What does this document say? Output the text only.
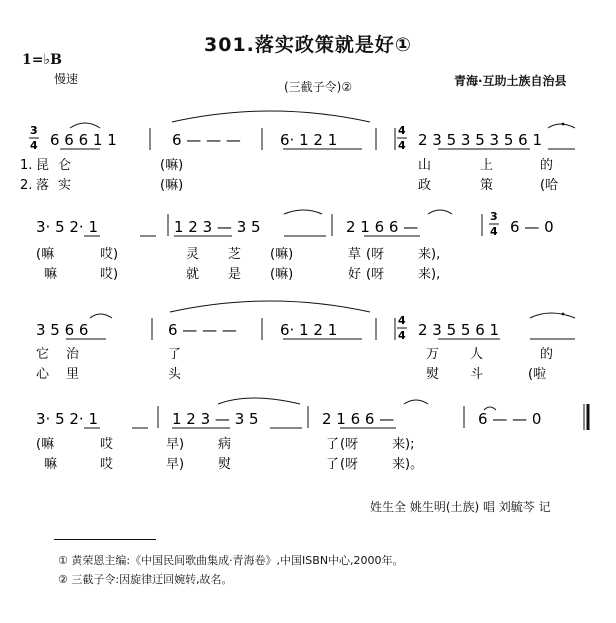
301.落实政策就是好①
1=♭B
慢速
(三截子令)②	青海·互助土族自治县
3
4 6 6 6 1 1	6 — — —	6· 1 2 1	2 3 5 3 5 3 5 6 1
4
4
1.
2.
昆 仑	(嘛)	山	上	的
落 实	(嘛)	政	策	(哈
3· 5 2· 1	1 2 3 — 3 5	2 1 6 6 —	6 — 0
3
4
(嘛	哎)	灵 芝 (嘛)	草 (呀	来),
嘛	哎)	就 是 (嘛)	好 (呀	来),
3 5 6 6	6 — — —	6· 1 2 1	2 3 5 5 6 1
4
4
它 治	了	万 人	的
心 里	头	熨 斗	(啦
3· 5 2· 1	1 2 3 — 3 5	2 1 6 6 —	6 — — 0
(嘛	哎	早)	病	了 (呀	来);
嘛	哎	早)	熨	了 (呀	来)。
姓生全 姚生明(土族) 唱 刘毓芩 记
① 黄荣恩主编:《中国民间歌曲集成·青海卷》,中国ISBN中心,2000年。
② 三截子令:因旋律迂回婉转,故名。
